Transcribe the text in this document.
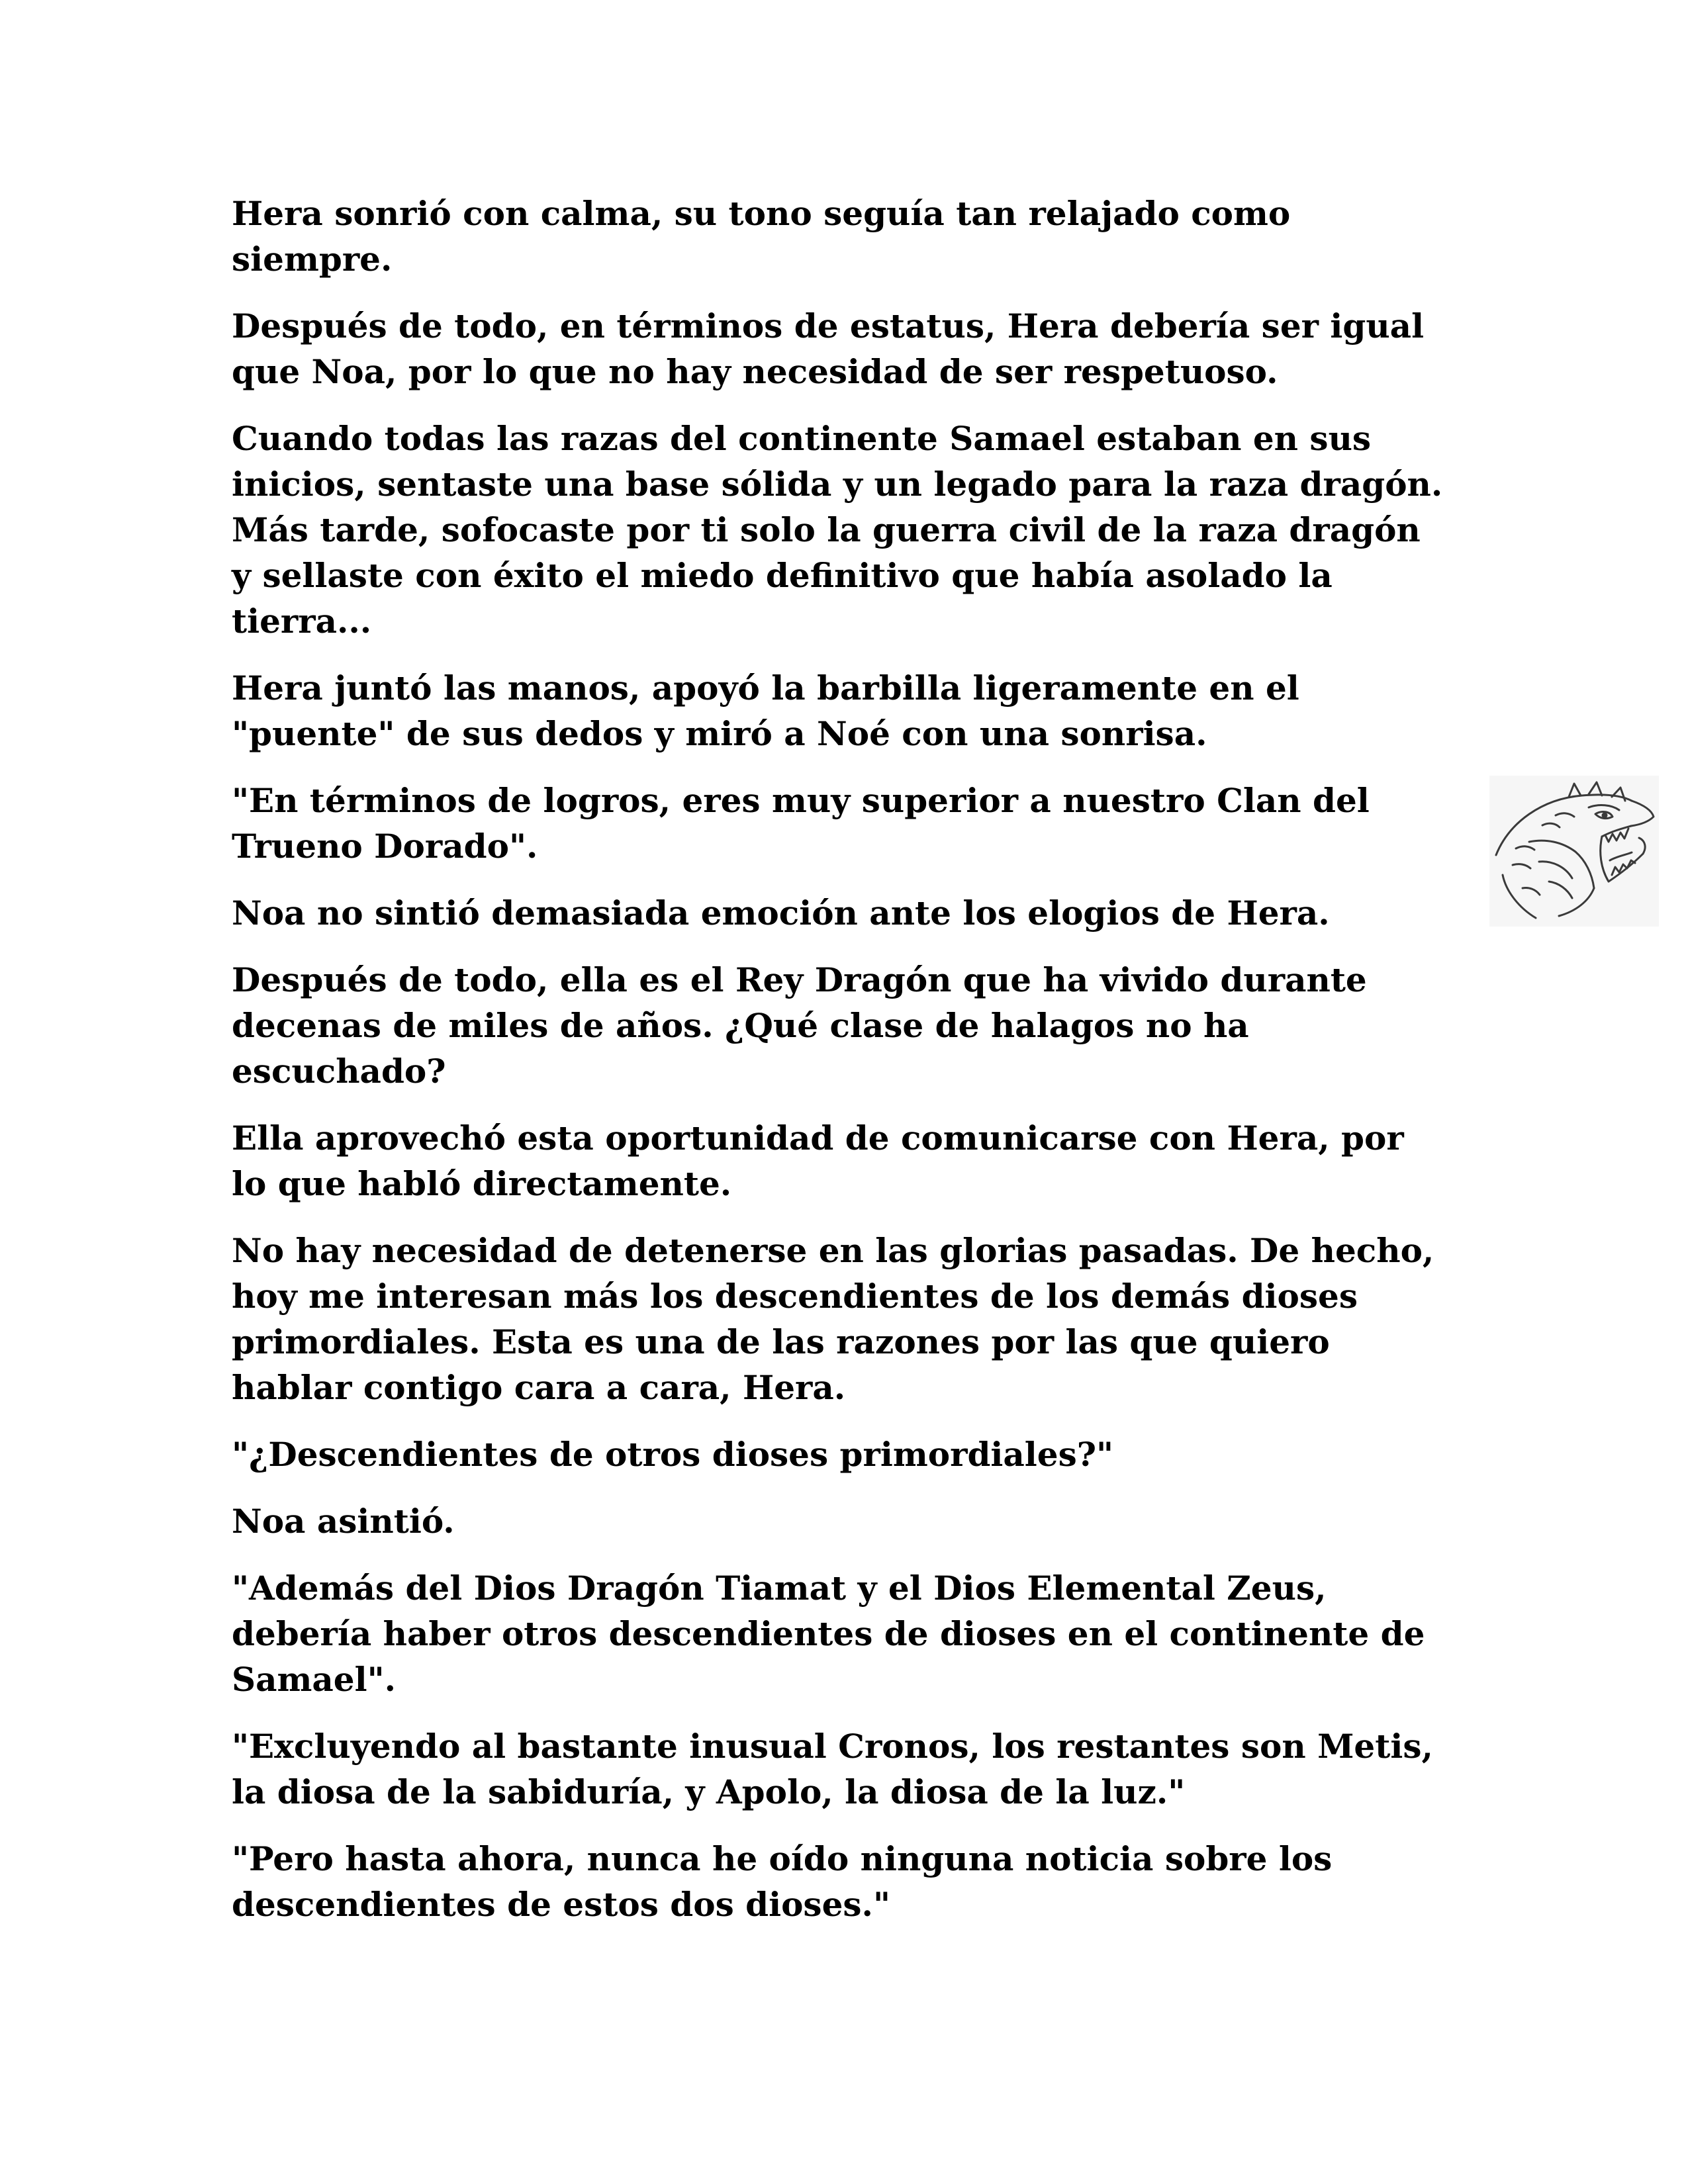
Hera sonrió con calma, su tono seguía tan relajado como siempre.

Después de todo, en términos de estatus, Hera debería ser igual que Noa, por lo que no hay necesidad de ser respetuoso.

Cuando todas las razas del continente Samael estaban en sus inicios, sentaste una base sólida y un legado para la raza dragón. Más tarde, sofocaste por ti solo la guerra civil de la raza dragón y sellaste con éxito el miedo definitivo que había asolado la tierra...

Hera juntó las manos, apoyó la barbilla ligeramente en el "puente" de sus dedos y miró a Noé con una sonrisa.

"En términos de logros, eres muy superior a nuestro Clan del Trueno Dorado".

Noa no sintió demasiada emoción ante los elogios de Hera.

Después de todo, ella es el Rey Dragón que ha vivido durante decenas de miles de años. ¿Qué clase de halagos no ha escuchado?

Ella aprovechó esta oportunidad de comunicarse con Hera, por lo que habló directamente.

No hay necesidad de detenerse en las glorias pasadas. De hecho, hoy me interesan más los descendientes de los demás dioses primordiales. Esta es una de las razones por las que quiero hablar contigo cara a cara, Hera.

"¿Descendientes de otros dioses primordiales?"

Noa asintió.

"Además del Dios Dragón Tiamat y el Dios Elemental Zeus, debería haber otros descendientes de dioses en el continente de Samael".

"Excluyendo al bastante inusual Cronos, los restantes son Metis, la diosa de la sabiduría, y Apolo, la diosa de la luz."

"Pero hasta ahora, nunca he oído ninguna noticia sobre los descendientes de estos dos dioses."
